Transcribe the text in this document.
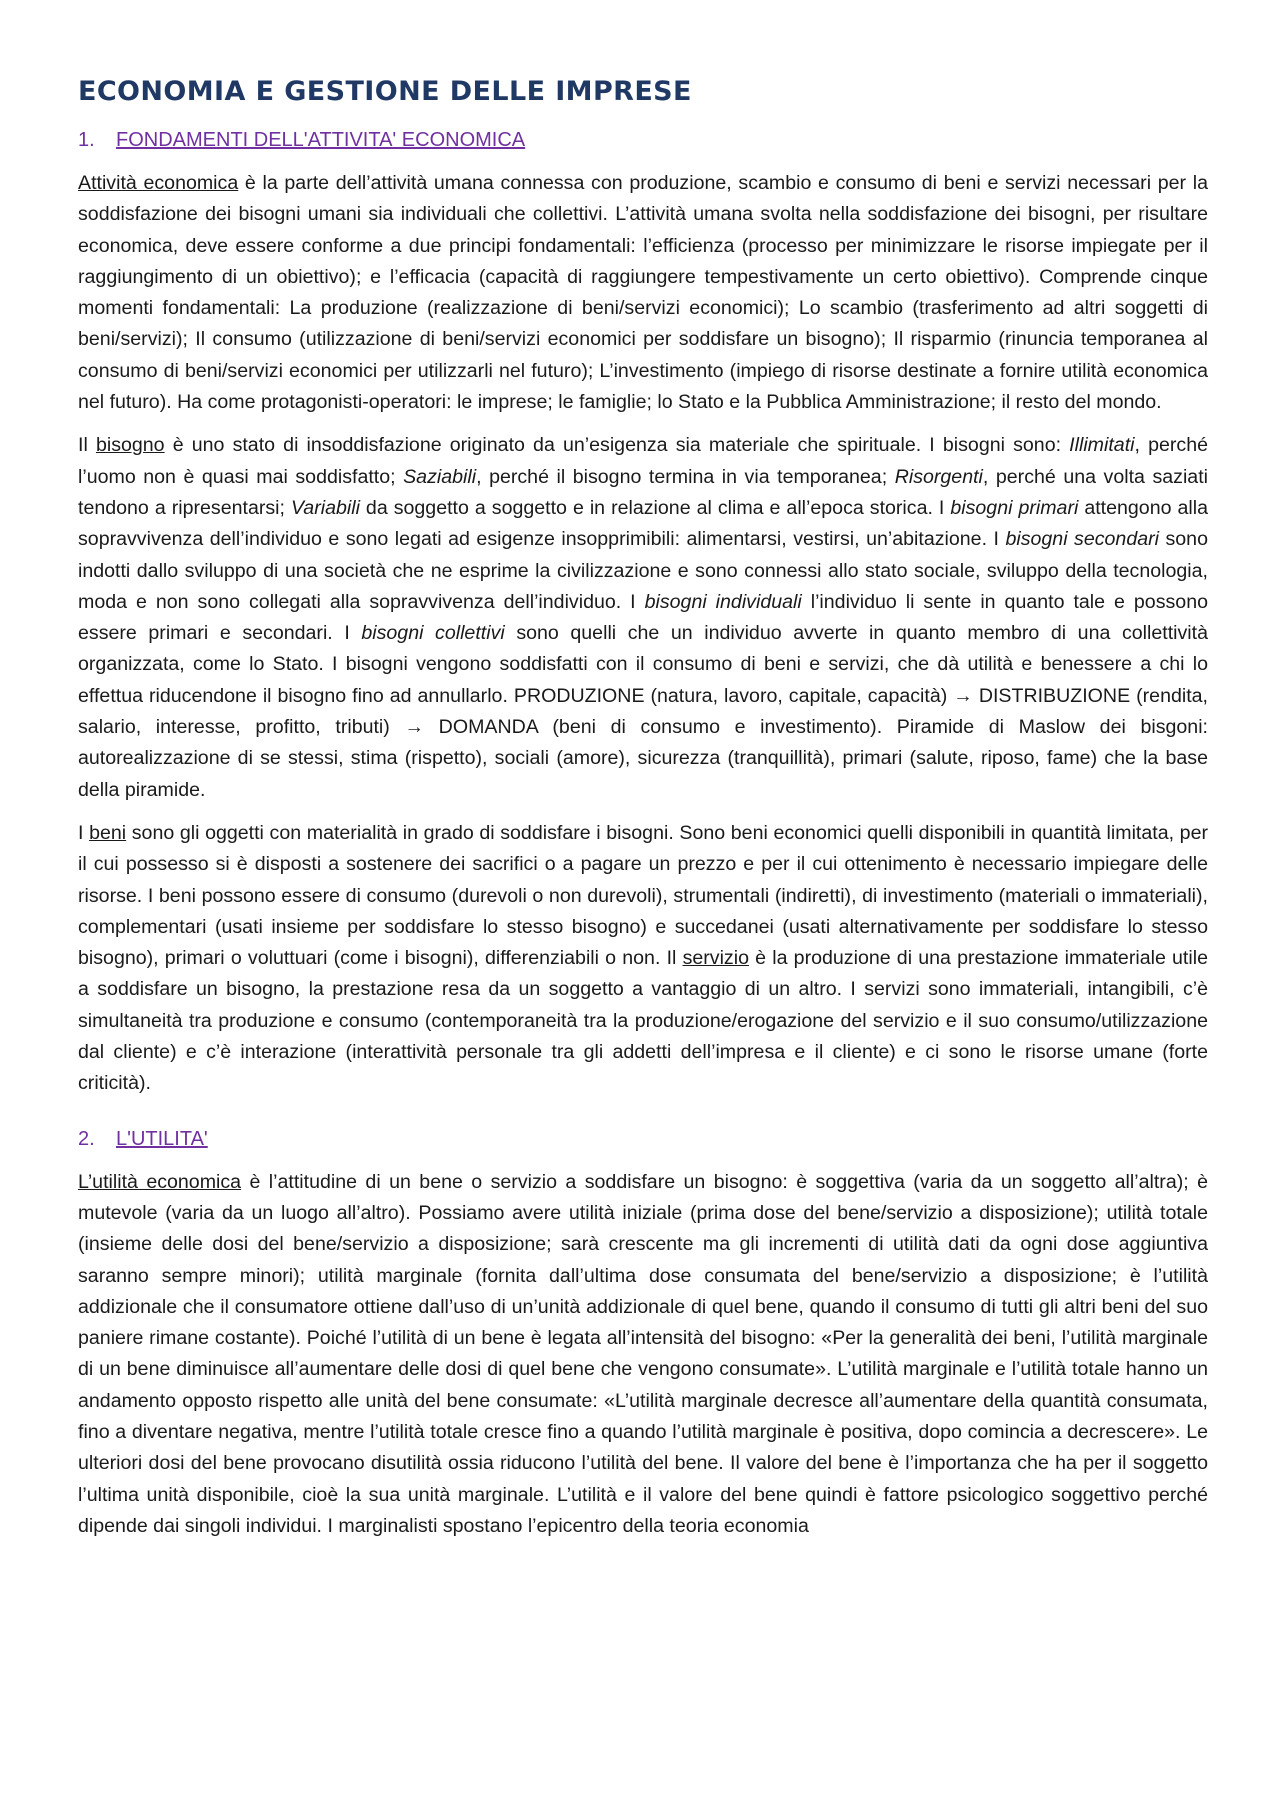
ECONOMIA E GESTIONE DELLE IMPRESE
1. FONDAMENTI DELL'ATTIVITA' ECONOMICA

Attività economica è la parte dell’attività umana connessa con produzione, scambio e consumo di beni e servizi necessari per la soddisfazione dei bisogni umani sia individuali che collettivi. L’attività umana svolta nella soddisfazione dei bisogni, per risultare economica, deve essere conforme a due principi fondamentali: l’efficienza (processo per minimizzare le risorse impiegate per il raggiungimento di un obiettivo); e l’efficacia (capacità di raggiungere tempestivamente un certo obiettivo). Comprende cinque momenti fondamentali: La produzione (realizzazione di beni/servizi economici); Lo scambio (trasferimento ad altri soggetti di beni/servizi); Il consumo (utilizzazione di beni/servizi economici per soddisfare un bisogno); Il risparmio (rinuncia temporanea al consumo di beni/servizi economici per utilizzarli nel futuro); L’investimento (impiego di risorse destinate a fornire utilità economica nel futuro). Ha come protagonisti-operatori: le imprese; le famiglie; lo Stato e la Pubblica Amministrazione; il resto del mondo.

Il bisogno è uno stato di insoddisfazione originato da un’esigenza sia materiale che spirituale. I bisogni sono: Illimitati, perché l’uomo non è quasi mai soddisfatto; Saziabili, perché il bisogno termina in via temporanea; Risorgenti, perché una volta saziati tendono a ripresentarsi; Variabili da soggetto a soggetto e in relazione al clima e all’epoca storica. I bisogni primari attengono alla sopravvivenza dell’individuo e sono legati ad esigenze insopprimibili: alimentarsi, vestirsi, un’abitazione. I bisogni secondari sono indotti dallo sviluppo di una società che ne esprime la civilizzazione e sono connessi allo stato sociale, sviluppo della tecnologia, moda e non sono collegati alla sopravvivenza dell’individuo. I bisogni individuali l’individuo li sente in quanto tale e possono essere primari e secondari. I bisogni collettivi sono quelli che un individuo avverte in quanto membro di una collettività organizzata, come lo Stato. I bisogni vengono soddisfatti con il consumo di beni e servizi, che dà utilità e benessere a chi lo effettua riducendone il bisogno fino ad annullarlo. PRODUZIONE (natura, lavoro, capitale, capacità) → DISTRIBUZIONE (rendita, salario, interesse, profitto, tributi) → DOMANDA (beni di consumo e investimento). Piramide di Maslow dei bisgoni: autorealizzazione di se stessi, stima (rispetto), sociali (amore), sicurezza (tranquillità), primari (salute, riposo, fame) che la base della piramide.

I beni sono gli oggetti con materialità in grado di soddisfare i bisogni. Sono beni economici quelli disponibili in quantità limitata, per il cui possesso si è disposti a sostenere dei sacrifici o a pagare un prezzo e per il cui ottenimento è necessario impiegare delle risorse. I beni possono essere di consumo (durevoli o non durevoli), strumentali (indiretti), di investimento (materiali o immateriali), complementari (usati insieme per soddisfare lo stesso bisogno) e succedanei (usati alternativamente per soddisfare lo stesso bisogno), primari o voluttuari (come i bisogni), differenziabili o non. Il servizio è la produzione di una prestazione immateriale utile a soddisfare un bisogno, la prestazione resa da un soggetto a vantaggio di un altro. I servizi sono immateriali, intangibili, c’è simultaneità tra produzione e consumo (contemporaneità tra la produzione/erogazione del servizio e il suo consumo/utilizzazione dal cliente) e c’è interazione (interattività personale tra gli addetti dell’impresa e il cliente) e ci sono le risorse umane (forte criticità).

2. L'UTILITA'

L’utilità economica è l’attitudine di un bene o servizio a soddisfare un bisogno: è soggettiva (varia da un soggetto all’altra); è mutevole (varia da un luogo all’altro). Possiamo avere utilità iniziale (prima dose del bene/servizio a disposizione); utilità totale (insieme delle dosi del bene/servizio a disposizione; sarà crescente ma gli incrementi di utilità dati da ogni dose aggiuntiva saranno sempre minori); utilità marginale (fornita dall’ultima dose consumata del bene/servizio a disposizione; è l’utilità addizionale che il consumatore ottiene dall’uso di un’unità addizionale di quel bene, quando il consumo di tutti gli altri beni del suo paniere rimane costante). Poiché l’utilità di un bene è legata all’intensità del bisogno: «Per la generalità dei beni, l’utilità marginale di un bene diminuisce all’aumentare delle dosi di quel bene che vengono consumate». L’utilità marginale e l’utilità totale hanno un andamento opposto rispetto alle unità del bene consumate: «L’utilità marginale decresce all’aumentare della quantità consumata, fino a diventare negativa, mentre l’utilità totale cresce fino a quando l’utilità marginale è positiva, dopo comincia a decrescere». Le ulteriori dosi del bene provocano disutilità ossia riducono l’utilità del bene. Il valore del bene è l’importanza che ha per il soggetto l’ultima unità disponibile, cioè la sua unità marginale. L’utilità e il valore del bene quindi è fattore psicologico soggettivo perché dipende dai singoli individui. I marginalisti spostano l’epicentro della teoria economia
